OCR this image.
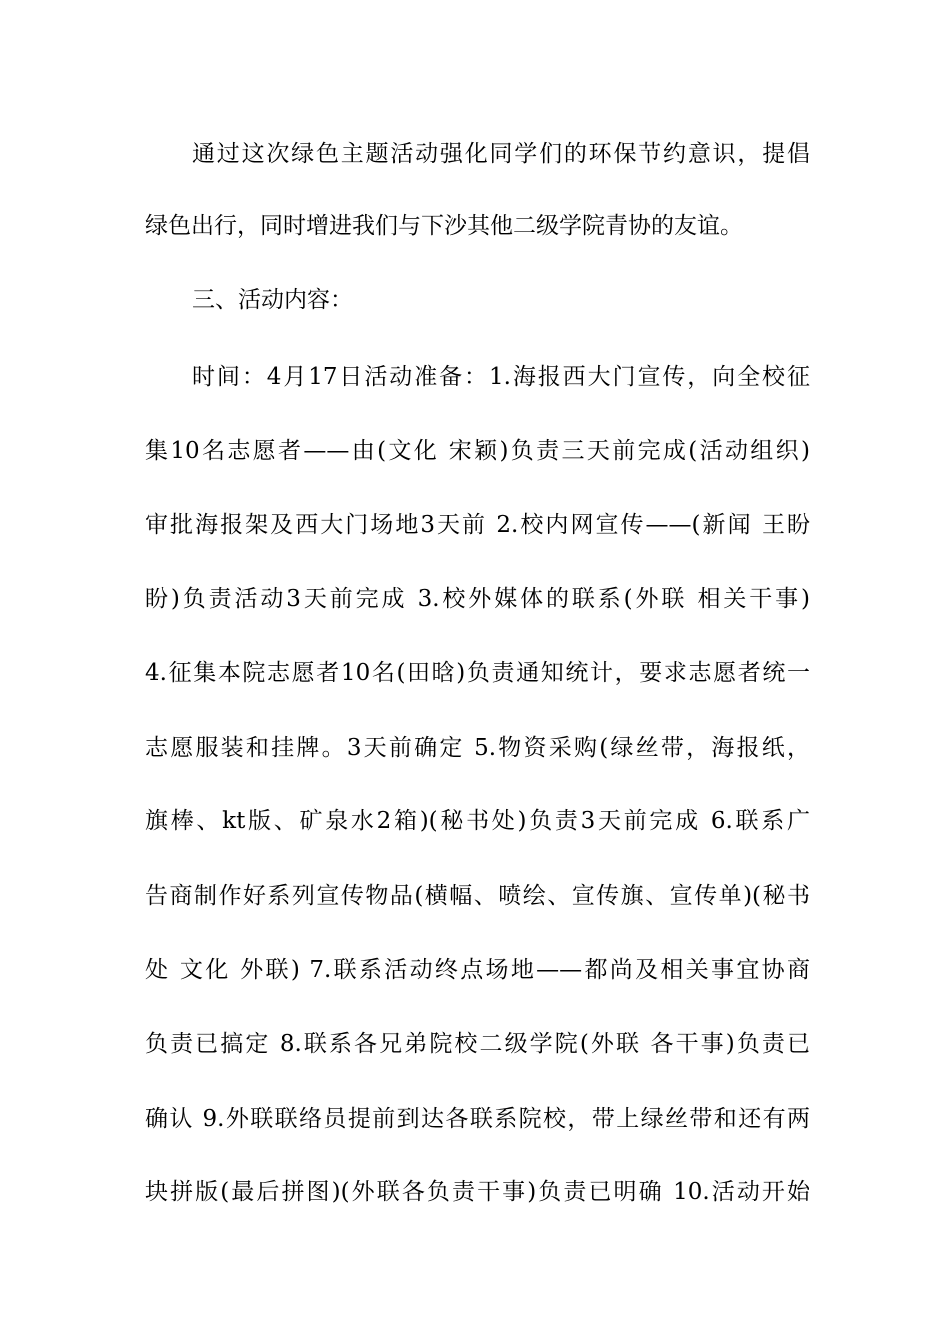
通过这次绿色主题活动强化同学们的环保节约意识，提倡
绿色出行，同时增进我们与下沙其他二级学院青协的友谊。
三、活动内容：
时间：4月17日活动准备：1.海报西大门宣传，向全校征
集10名志愿者——由(文化 宋颖)负责三天前完成(活动组织)
审批海报架及西大门场地3天前 2.校内网宣传——(新闻 王盼
盼)负责活动3天前完成 3.校外媒体的联系(外联 相关干事)
4.征集本院志愿者10名(田晗)负责通知统计，要求志愿者统一
志愿服装和挂牌。3天前确定 5.物资采购(绿丝带，海报纸，
旗棒、kt版、矿泉水2箱)(秘书处)负责3天前完成 6.联系广
告商制作好系列宣传物品(横幅、喷绘、宣传旗、宣传单)(秘书
处 文化 外联) 7.联系活动终点场地——都尚及相关事宜协商
负责已搞定 8.联系各兄弟院校二级学院(外联 各干事)负责已
确认 9.外联联络员提前到达各联系院校，带上绿丝带和还有两
块拼版(最后拼图)(外联各负责干事)负责已明确 10.活动开始
